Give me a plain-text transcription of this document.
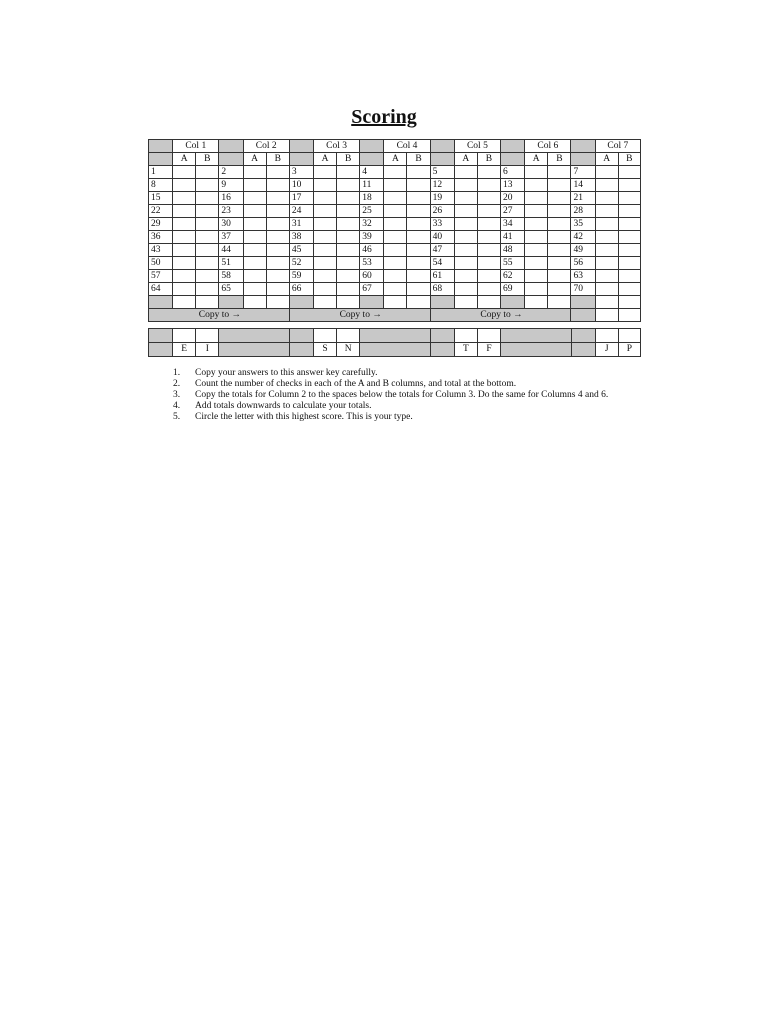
Scoring
	Col 1			Col 2			Col 3			Col 4			Col 5			Col 6			Col 7	
	A	B		A	B		A	B		A	B		A	B		A	B		A	B
1			2			3			4			5			6			7		
8			9			10			11			12			13			14		
15			16			17			18			19			20			21		
22			23			24			25			26			27			28		
29			30			31			32			33			34			35		
36			37			38			39			40			41			42		
43			44			45			46			47			48			49		
50			51			52			53			54			55			56		
57			58			59			60			61			62			63		
64			65			66			67			68			69			70		

Copy to →						Copy to →						Copy to →								

	E	I			S	N			T	F			J	P
1. Copy your answers to this answer key carefully.
2. Count the number of checks in each of the A and B columns, and total at the bottom.
3. Copy the totals for Column 2 to the spaces below the totals for Column 3. Do the same for Columns 4 and 6.
4. Add totals downwards to calculate your totals.
5. Circle the letter with this highest score. This is your type.
